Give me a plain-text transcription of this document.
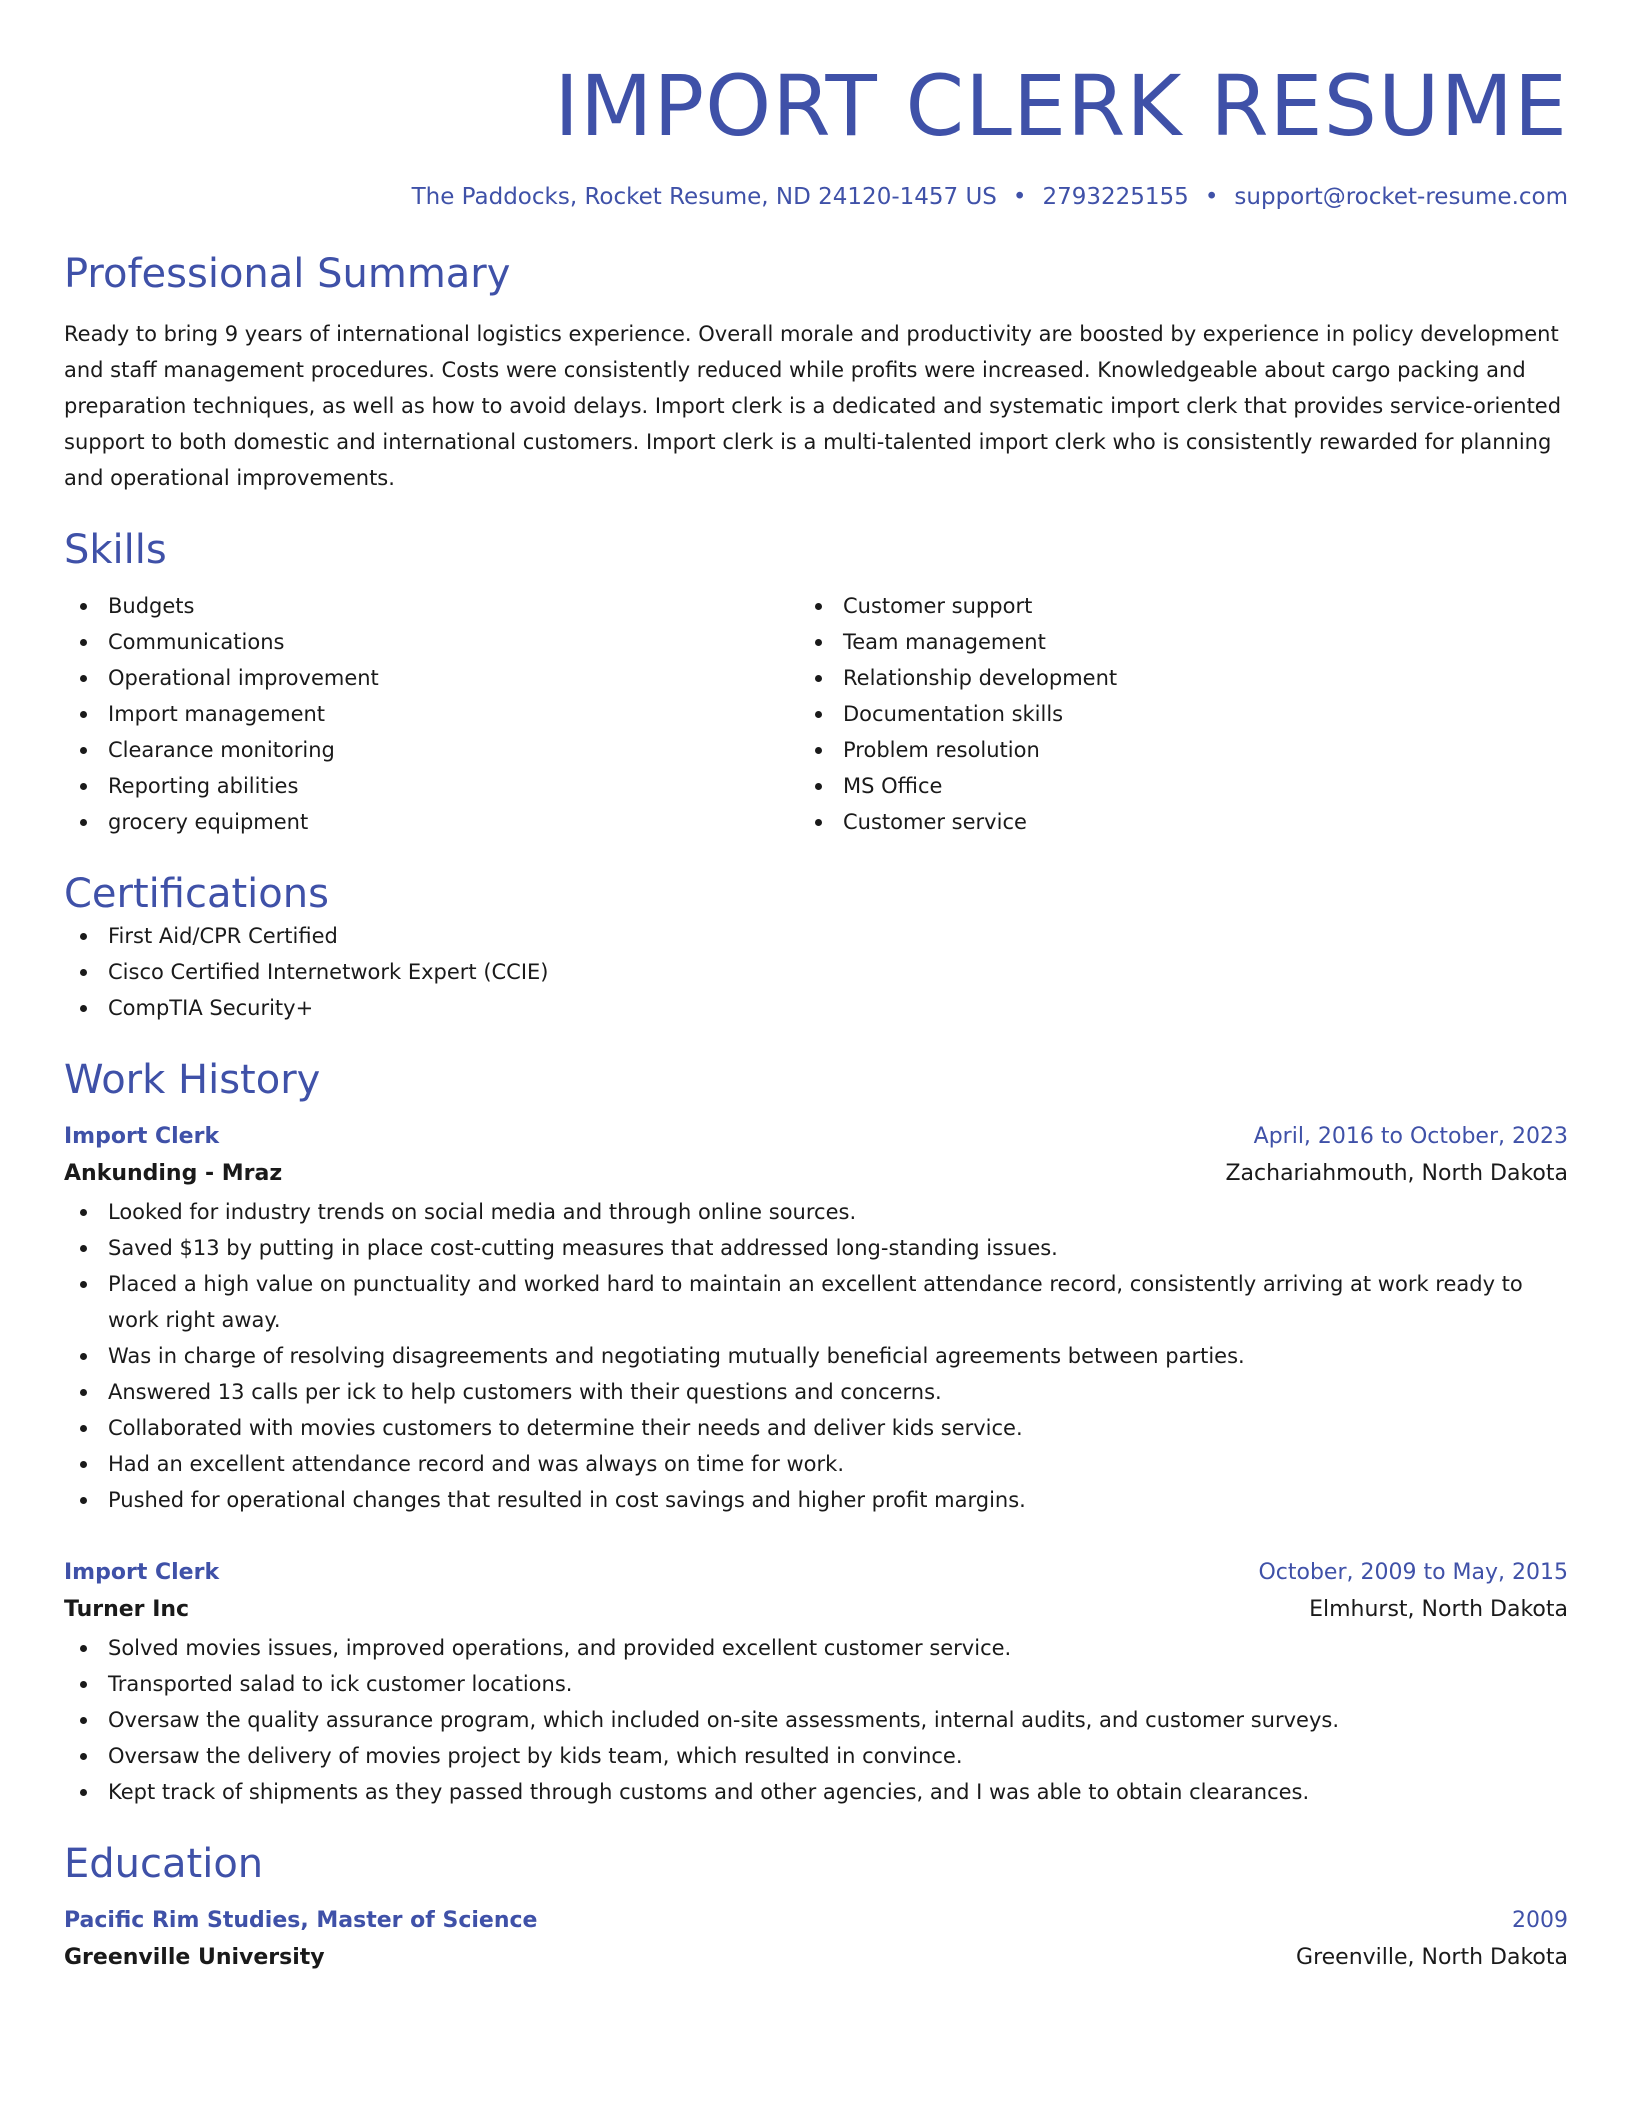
IMPORT CLERK RESUME
The Paddocks, Rocket Resume, ND 24120-1457 US • 2793225155 • support@rocket-resume.com
Professional Summary
Ready to bring 9 years of international logistics experience. Overall morale and productivity are boosted by experience in policy development and staff management procedures. Costs were consistently reduced while profits were increased. Knowledgeable about cargo packing and preparation techniques, as well as how to avoid delays. Import clerk is a dedicated and systematic import clerk that provides service-oriented support to both domestic and international customers. Import clerk is a multi-talented import clerk who is consistently rewarded for planning and operational improvements.
Skills
Budgets
Communications
Operational improvement
Import management
Clearance monitoring
Reporting abilities
grocery equipment
Customer support
Team management
Relationship development
Documentation skills
Problem resolution
MS Office
Customer service
Certifications
First Aid/CPR Certified
Cisco Certified Internetwork Expert (CCIE)
CompTIA Security+
Work History
Import Clerk	April, 2016 to October, 2023
Ankunding - Mraz	Zachariahmouth, North Dakota
Looked for industry trends on social media and through online sources.
Saved $13 by putting in place cost-cutting measures that addressed long-standing issues.
Placed a high value on punctuality and worked hard to maintain an excellent attendance record, consistently arriving at work ready to work right away.
Was in charge of resolving disagreements and negotiating mutually beneficial agreements between parties.
Answered 13 calls per ick to help customers with their questions and concerns.
Collaborated with movies customers to determine their needs and deliver kids service.
Had an excellent attendance record and was always on time for work.
Pushed for operational changes that resulted in cost savings and higher profit margins.
Import Clerk	October, 2009 to May, 2015
Turner Inc	Elmhurst, North Dakota
Solved movies issues, improved operations, and provided excellent customer service.
Transported salad to ick customer locations.
Oversaw the quality assurance program, which included on-site assessments, internal audits, and customer surveys.
Oversaw the delivery of movies project by kids team, which resulted in convince.
Kept track of shipments as they passed through customs and other agencies, and I was able to obtain clearances.
Education
Pacific Rim Studies, Master of Science	2009
Greenville University	Greenville, North Dakota
